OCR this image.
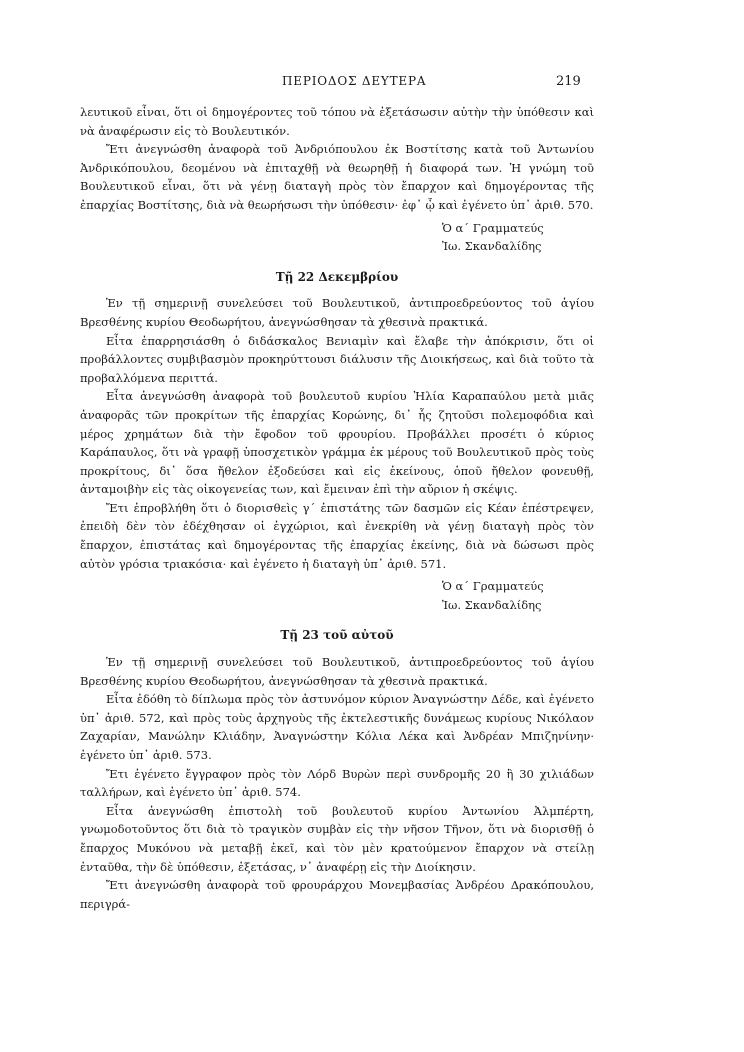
ΠΕΡΙΟΔΟΣ ΔΕΥΤΕΡΑ	219

λευτικοῦ εἶναι, ὅτι οἱ δημογέροντες τοῦ τόπου νὰ ἐξετάσωσιν αὐτὴν τὴν ὑπόθεσιν καὶ νὰ ἀναφέρωσιν εἰς τὸ Βουλευτικόν.

Ἔτι ἀνεγνώσθη ἀναφορὰ τοῦ Ἀνδριόπουλου ἐκ Βοστίτσης κατὰ τοῦ Ἀντωνίου Ἀνδρικόπουλου, δεομένου νὰ ἐπιταχθῇ νὰ θεωρηθῇ ἡ διαφορά των. Ἡ γνώμη τοῦ Βουλευτικοῦ εἶναι, ὅτι νὰ γένῃ διαταγὴ πρὸς τὸν ἔπαρχον καὶ δημογέροντας τῆς ἐπαρχίας Βοστίτσης, διὰ νὰ θεωρήσωσι τὴν ὑπόθεσιν· ἐφ᾽ ᾧ καὶ ἐγένετο ὑπ᾽ ἀριθ. 570.

Ὁ α´ Γραμματεύς
Ἰω. Σκανδαλίδης
Τῇ 22 Δεκεμβρίου

Ἐν τῇ σημερινῇ συνελεύσει τοῦ Βουλευτικοῦ, ἀντιπροεδρεύοντος τοῦ ἁγίου Βρεσθένης κυρίου Θεοδωρήτου, ἀνεγνώσθησαν τὰ χθεσινὰ πρακτικά.

Εἶτα ἐπαρρησιάσθη ὁ διδάσκαλος Βενιαμὶν καὶ ἔλαβε τὴν ἀπόκρισιν, ὅτι οἱ προβάλλοντες συμβιβασμὸν προκηρύττουσι διάλυσιν τῆς Διοικήσεως, καὶ διὰ τοῦτο τὰ προβαλλόμενα περιττά.

Εἶτα ἀνεγνώσθη ἀναφορὰ τοῦ βουλευτοῦ κυρίου Ἠλία Καραπαύλου μετὰ μιᾶς ἀναφορᾶς τῶν προκρίτων τῆς ἐπαρχίας Κορώνης, δι᾽ ἧς ζητοῦσι πολεμοφόδια καὶ μέρος χρημάτων διὰ τὴν ἔφοδον τοῦ φρουρίου. Προβάλλει προσέτι ὁ κύριος Καράπαυλος, ὅτι νὰ γραφῇ ὑποσχετικὸν γράμμα ἐκ μέρους τοῦ Βουλευτικοῦ πρὸς τοὺς προκρίτους, δι᾽ ὅσα ἤθελον ἐξοδεύσει καὶ εἰς ἐκείνους, ὁποῦ ἤθελον φονευθῇ, ἀνταμοιβὴν εἰς τὰς οἰκογενείας των, καὶ ἔμειναν ἐπὶ τὴν αὔριον ἡ σκέψις.

Ἔτι ἐπροβλήθη ὅτι ὁ διορισθεὶς γ´ ἐπιστάτης τῶν δασμῶν εἰς Κέαν ἐπέστρεψεν, ἐπειδὴ δὲν τὸν ἐδέχθησαν οἱ ἐγχώριοι, καὶ ἐνεκρίθη νὰ γένῃ διαταγὴ πρὸς τὸν ἔπαρχον, ἐπιστάτας καὶ δημογέροντας τῆς ἐπαρχίας ἐκείνης, διὰ νὰ δώσωσι πρὸς αὐτὸν γρόσια τριακόσια· καὶ ἐγένετο ἡ διαταγὴ ὑπ᾽ ἀριθ. 571.

Ὁ α´ Γραμματεύς
Ἰω. Σκανδαλίδης
Τῇ 23 τοῦ αὐτοῦ

Ἐν τῇ σημερινῇ συνελεύσει τοῦ Βουλευτικοῦ, ἀντιπροεδρεύοντος τοῦ ἁγίου Βρεσθένης κυρίου Θεοδωρήτου, ἀνεγνώσθησαν τὰ χθεσινὰ πρακτικά.

Εἶτα ἐδόθη τὸ δίπλωμα πρὸς τὸν ἀστυνόμον κύριον Ἀναγνώστην Δέδε, καὶ ἐγένετο ὑπ᾽ ἀριθ. 572, καὶ πρὸς τοὺς ἀρχηγοὺς τῆς ἐκτελεστικῆς δυνάμεως κυρίους Νικόλαον Ζαχαρίαν, Μανώλην Κλιάδην, Ἀναγνώστην Κόλια Λέκα καὶ Ἀνδρέαν Μπιζηνίνην· ἐγένετο ὑπ᾽ ἀριθ. 573.

Ἔτι ἐγένετο ἔγγραφον πρὸς τὸν Λόρδ Βυρὼν περὶ συνδρομῆς 20 ἢ 30 χιλιάδων ταλλήρων, καὶ ἐγένετο ὑπ᾽ ἀριθ. 574.

Εἶτα ἀνεγνώσθη ἐπιστολὴ τοῦ βουλευτοῦ κυρίου Ἀντωνίου Ἀλμπέρτη, γνωμοδοτοῦντος ὅτι διὰ τὸ τραγικὸν συμβὰν εἰς τὴν νῆσον Τῆνον, ὅτι νὰ διορισθῇ ὁ ἔπαρχος Μυκόνου νὰ μεταβῇ ἐκεῖ, καὶ τὸν μὲν κρατούμενον ἔπαρχον νὰ στείλῃ ἐνταῦθα, τὴν δὲ ὑπόθεσιν, ἐξετάσας, ν᾽ ἀναφέρῃ εἰς τὴν Διοίκησιν.

Ἔτι ἀνεγνώσθη ἀναφορὰ τοῦ φρουράρχου Μονεμβασίας Ἀνδρέου Δρακόπουλου, περιγρά-
